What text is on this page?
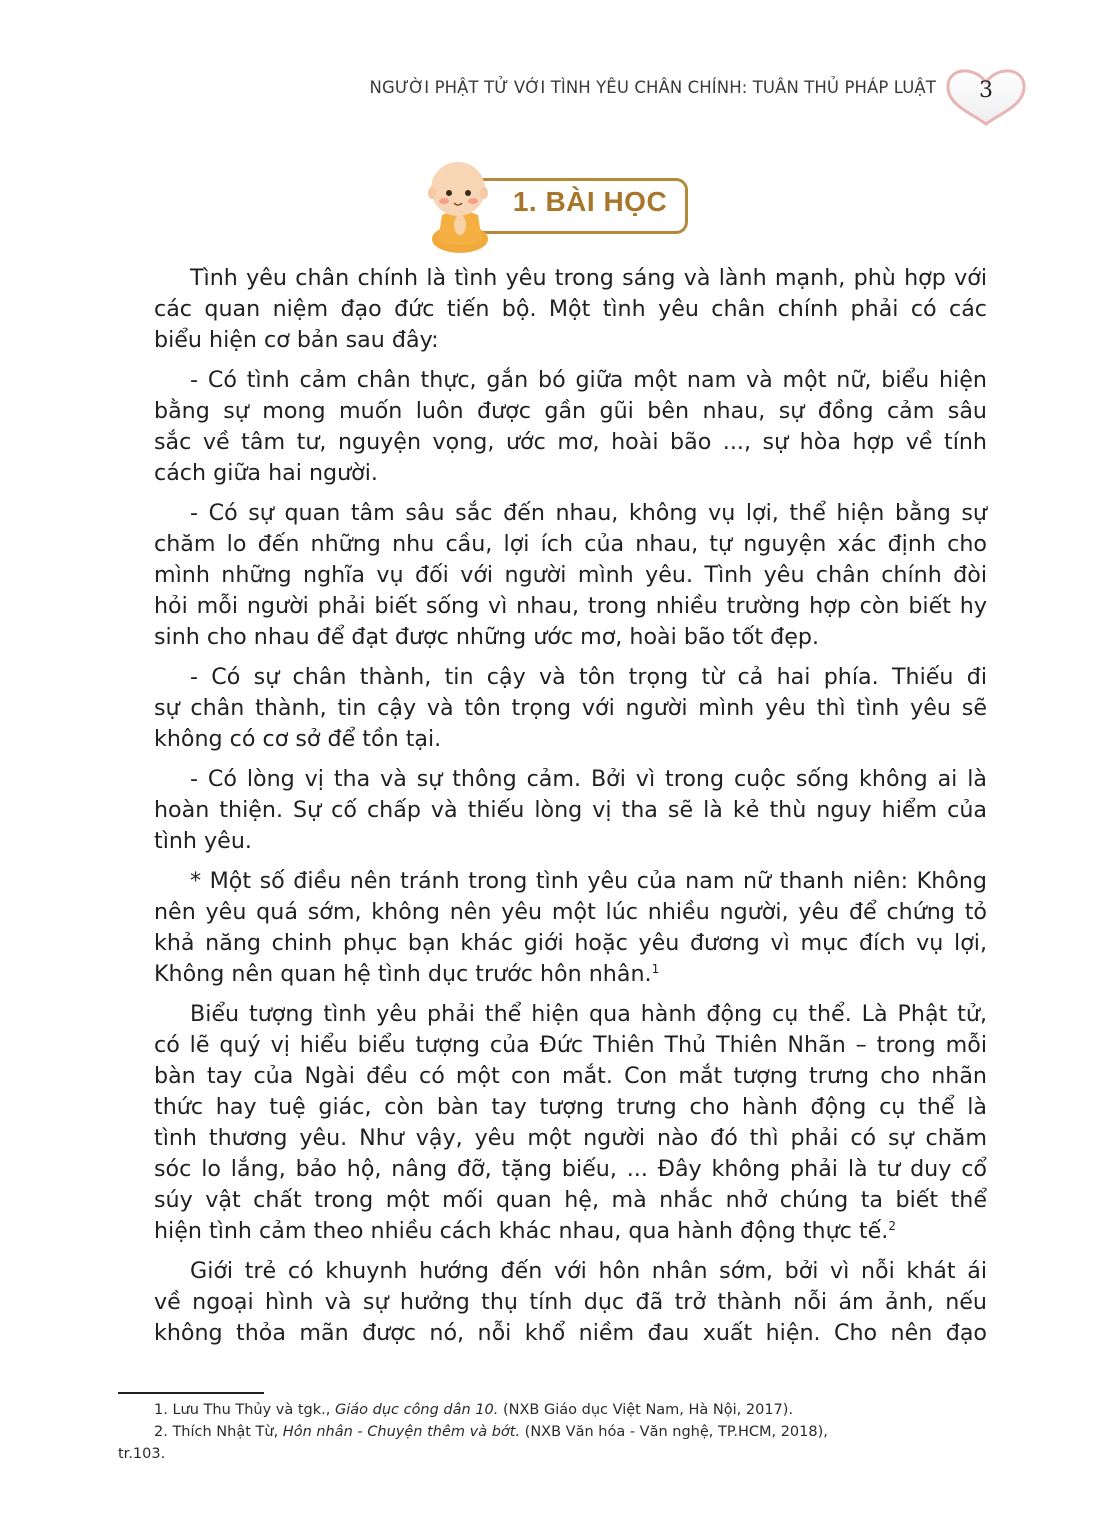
NGƯỜI PHẬT TỬ VỚI TÌNH YÊU CHÂN CHÍNH: TUÂN THỦ PHÁP LUẬT	3
1. BÀI HỌC
Tình yêu chân chính là tình yêu trong sáng và lành mạnh, phù hợp với
các quan niệm đạo đức tiến bộ. Một tình yêu chân chính phải có các
biểu hiện cơ bản sau đây:
- Có tình cảm chân thực, gắn bó giữa một nam và một nữ, biểu hiện
bằng sự mong muốn luôn được gần gũi bên nhau, sự đồng cảm sâu
sắc về tâm tư, nguyện vọng, ước mơ, hoài bão ..., sự hòa hợp về tính
cách giữa hai người.
- Có sự quan tâm sâu sắc đến nhau, không vụ lợi, thể hiện bằng sự
chăm lo đến những nhu cầu, lợi ích của nhau, tự nguyện xác định cho
mình những nghĩa vụ đối với người mình yêu. Tình yêu chân chính đòi
hỏi mỗi người phải biết sống vì nhau, trong nhiều trường hợp còn biết hy
sinh cho nhau để đạt được những ước mơ, hoài bão tốt đẹp.
- Có sự chân thành, tin cậy và tôn trọng từ cả hai phía. Thiếu đi
sự chân thành, tin cậy và tôn trọng với người mình yêu thì tình yêu sẽ
không có cơ sở để tồn tại.
- Có lòng vị tha và sự thông cảm. Bởi vì trong cuộc sống không ai là
hoàn thiện. Sự cố chấp và thiếu lòng vị tha sẽ là kẻ thù nguy hiểm của
tình yêu.
* Một số điều nên tránh trong tình yêu của nam nữ thanh niên: Không
nên yêu quá sớm, không nên yêu một lúc nhiều người, yêu để chứng tỏ
khả năng chinh phục bạn khác giới hoặc yêu đương vì mục đích vụ lợi,
Không nên quan hệ tình dục trước hôn nhân.$^1$
Biểu tượng tình yêu phải thể hiện qua hành động cụ thể. Là Phật tử,
có lẽ quý vị hiểu biểu tượng của Đức Thiên Thủ Thiên Nhãn – trong mỗi
bàn tay của Ngài đều có một con mắt. Con mắt tượng trưng cho nhãn
thức hay tuệ giác, còn bàn tay tượng trưng cho hành động cụ thể là
tình thương yêu. Như vậy, yêu một người nào đó thì phải có sự chăm
sóc lo lắng, bảo hộ, nâng đỡ, tặng biếu, ... Đây không phải là tư duy cổ
súy vật chất trong một mối quan hệ, mà nhắc nhở chúng ta biết thể
hiện tình cảm theo nhiều cách khác nhau, qua hành động thực tế.$^2$
Giới trẻ có khuynh hướng đến với hôn nhân sớm, bởi vì nỗi khát ái
về ngoại hình và sự hưởng thụ tính dục đã trở thành nỗi ám ảnh, nếu
không thỏa mãn được nó, nỗi khổ niềm đau xuất hiện. Cho nên đạo
1. Lưu Thu Thủy và tgk., Giáo dục công dân 10. (NXB Giáo dục Việt Nam, Hà Nội, 2017).
2. Thích Nhật Từ, Hôn nhân - Chuyện thêm và bớt. (NXB Văn hóa - Văn nghệ, TP.HCM, 2018),
tr.103.
